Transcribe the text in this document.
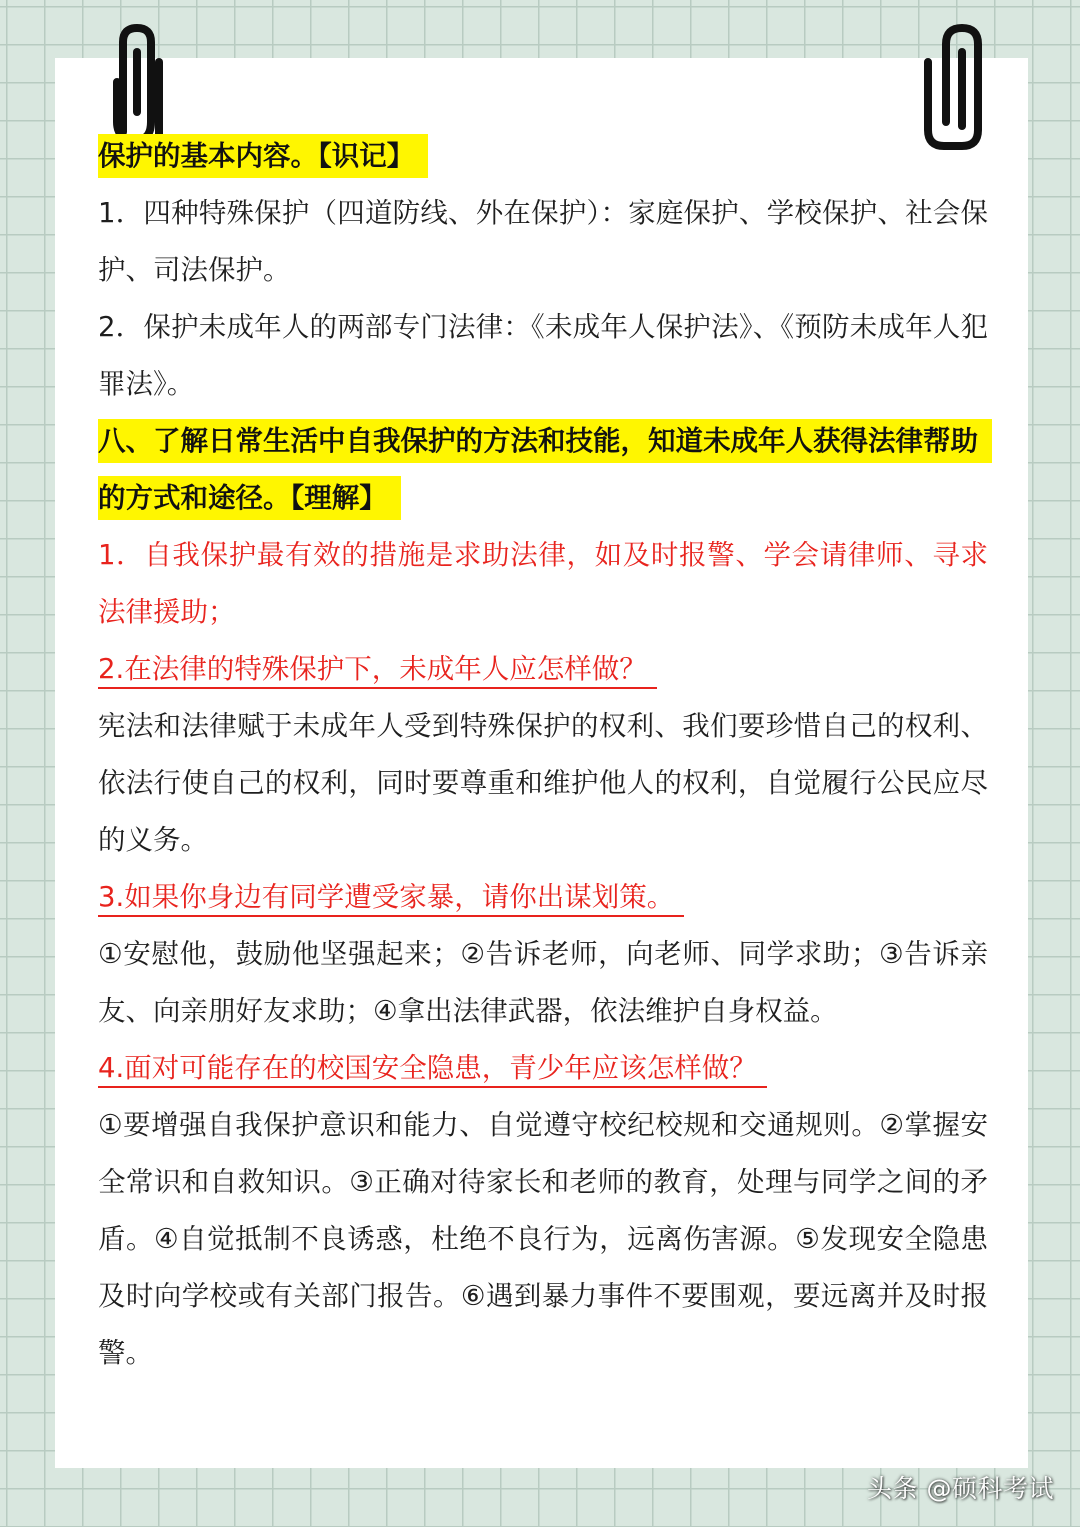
保护的基本内容。【识记】

1．四种特殊保护（四道防线、外在保护）：家庭保护、学校保护、社会保护、司法保护。

2．保护未成年人的两部专门法律：《未成年人保护法》、《预防未成年人犯罪法》。

八、了解日常生活中自我保护的方法和技能，知道未成年人获得法律帮助的方式和途径。【理解】

1．自我保护最有效的措施是求助法律，如及时报警、学会请律师、寻求法律援助；

2.在法律的特殊保护下，未成年人应怎样做？

宪法和法律赋于未成年人受到特殊保护的权利、我们要珍惜自己的权利、依法行使自己的权利，同时要尊重和维护他人的权利，自觉履行公民应尽的义务。

3.如果你身边有同学遭受家暴，请你出谋划策。

①安慰他，鼓励他坚强起来；②告诉老师，向老师、同学求助；③告诉亲友、向亲朋好友求助；④拿出法律武器，依法维护自身权益。

4.面对可能存在的校国安全隐患，青少年应该怎样做？

①要增强自我保护意识和能力、自觉遵守校纪校规和交通规则。②掌握安全常识和自救知识。③正确对待家长和老师的教育，处理与同学之间的矛盾。④自觉抵制不良诱惑，杜绝不良行为，远离伤害源。⑤发现安全隐患及时向学校或有关部门报告。⑥遇到暴力事件不要围观，要远离并及时报警。

头条 @硕科考试
